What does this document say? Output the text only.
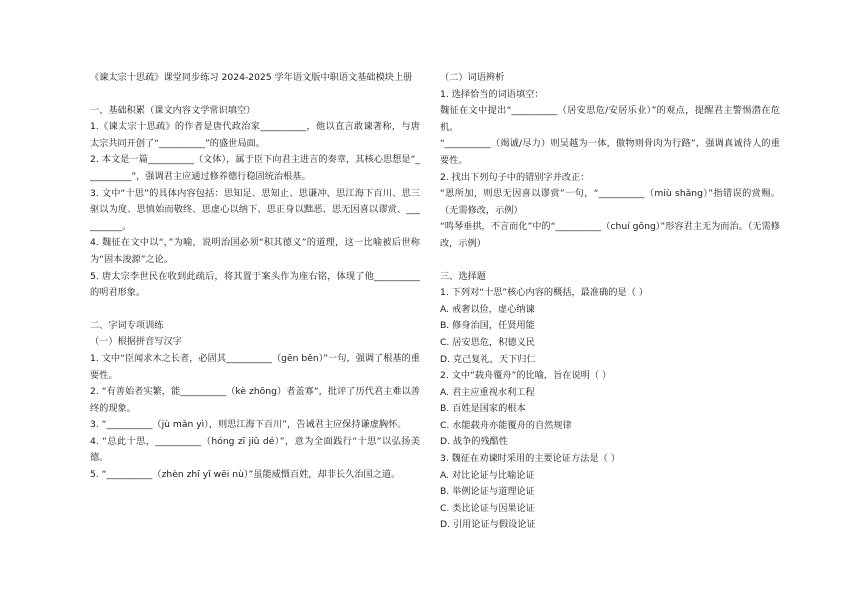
《谏太宗十思疏》课堂同步练习 2024-2025 学年语文版中职语文基础模块上册

一、基础积累（课文内容文学常识填空）

1.《谏太宗十思疏》的作者是唐代政治家__________，他以直言敢谏著称，与唐太宗共同开创了“__________”的盛世局面。

2. 本文是一篇__________（文体），属于臣下向君主进言的奏章，其核心思想是“__________”，强调君主应通过修养德行稳固统治根基。

3. 文中“十思”的具体内容包括：思知足、思知止、思谦冲、思江海下百川、思三驱以为度、思慎始而敬终、思虚心以纳下、思正身以黜恶、思无因喜以谬赏、__________。

4. 魏征在文中以“，”为喻，说明治国必须“积其德义”的道理，这一比喻被后世称为“固本浚源”之论。

5. 唐太宗李世民在收到此疏后，将其置于案头作为座右铭，体现了他__________的明君形象。

二、字词专项训练

（一）根据拼音写汉字

1. 文中“臣闻求木之长者，必固其__________（gēn běn）”一句，强调了根基的重要性。

2. “有善始者实繁，能__________（kè zhōng）者盖寡”，批评了历代君主难以善终的现象。

3. “__________（jù mǎn yì），则思江海下百川”，告诫君主应保持谦虚胸怀。

4. “总此十思，__________（hóng zī jiǔ dé）”，意为全面践行“十思”以弘扬美德。

5. “__________（zhèn zhī yǐ wēi nù）”虽能威慑百姓，却非长久治国之道。

（二）词语辨析

1. 选择恰当的词语填空：

魏征在文中提出“__________（居安思危/安居乐业）”的观点，提醒君主警惕潜在危机。

“__________（竭诚/尽力）则吴越为一体，傲物则骨肉为行路”，强调真诚待人的重要性。

2. 找出下列句子中的错别字并改正：

“恩所加，则思无因喜以谬赏”一句，“__________（miù shǎng）”指错误的赏赐。（无需修改，示例）

“鸣琴垂拱，不言而化”中的“__________（chuí gǒng）”形容君主无为而治。（无需修改，示例）

三、选择题

1. 下列对“十思”核心内容的概括，最准确的是（ ）

A. 戒奢以俭，虚心纳谏

B. 修身治国，任贤用能

C. 居安思危，积德义民

D. 克己复礼，天下归仁

2. 文中“载舟覆舟”的比喻，旨在说明（ ）

A. 君主应重视水利工程

B. 百姓是国家的根本

C. 水能载舟亦能覆舟的自然规律

D. 战争的残酷性

3. 魏征在劝谏时采用的主要论证方法是（ ）

A. 对比论证与比喻论证

B. 举例论证与道理论证

C. 类比论证与因果论证

D. 引用论证与假设论证
